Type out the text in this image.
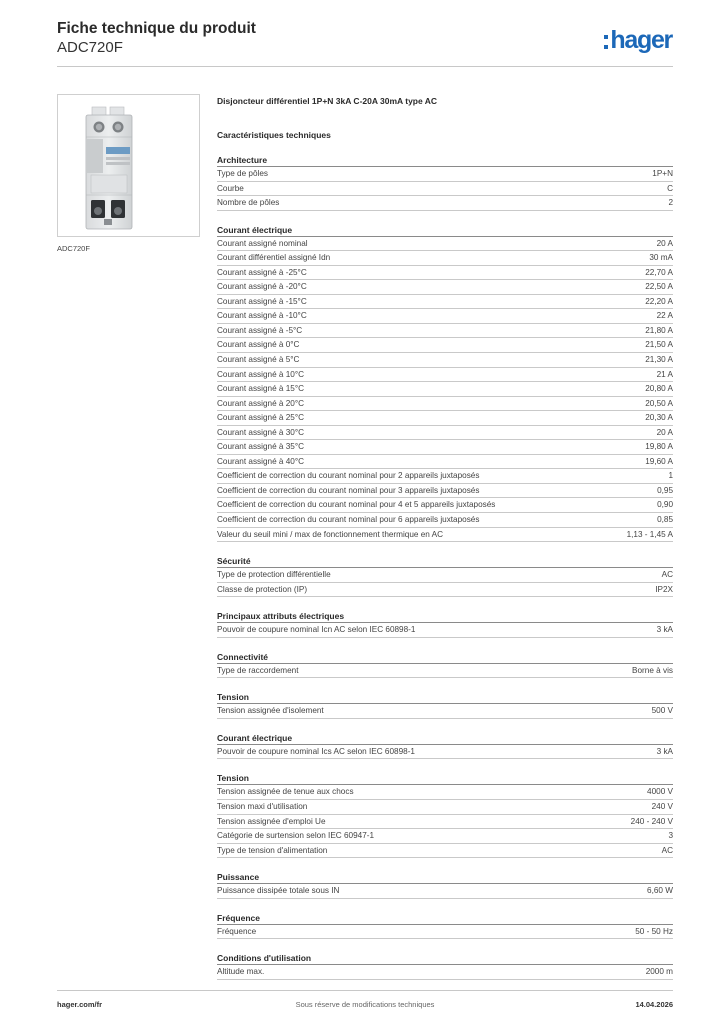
Fiche technique du produit
ADC720F	hager
ADC720F
Disjoncteur différentiel 1P+N 3kA C-20A 30mA type AC
Caractéristiques techniques
Architecture
Type de pôles	1P+N
Courbe	C
Nombre de pôles	2
Courant électrique
Courant assigné nominal	20 A
Courant différentiel assigné Idn	30 mA
Courant assigné à -25°C	22,70 A
Courant assigné à -20°C	22,50 A
Courant assigné à -15°C	22,20 A
Courant assigné à -10°C	22 A
Courant assigné à -5°C	21,80 A
Courant assigné à 0°C	21,50 A
Courant assigné à 5°C	21,30 A
Courant assigné à 10°C	21 A
Courant assigné à 15°C	20,80 A
Courant assigné à 20°C	20,50 A
Courant assigné à 25°C	20,30 A
Courant assigné à 30°C	20 A
Courant assigné à 35°C	19,80 A
Courant assigné à 40°C	19,60 A
Coefficient de correction du courant nominal pour 2 appareils juxtaposés	1
Coefficient de correction du courant nominal pour 3 appareils juxtaposés	0,95
Coefficient de correction du courant nominal pour 4 et 5 appareils juxtaposés	0,90
Coefficient de correction du courant nominal pour 6 appareils juxtaposés	0,85
Valeur du seuil mini / max de fonctionnement thermique en AC	1,13 - 1,45 A
Sécurité
Type de protection différentielle	AC
Classe de protection (IP)	IP2X
Principaux attributs électriques
Pouvoir de coupure nominal Icn AC selon IEC 60898-1	3 kA
Connectivité
Type de raccordement	Borne à vis
Tension
Tension assignée d'isolement	500 V
Courant électrique
Pouvoir de coupure nominal Ics AC selon IEC 60898-1	3 kA
Tension
Tension assignée de tenue aux chocs	4000 V
Tension maxi d'utilisation	240 V
Tension assignée d'emploi Ue	240 - 240 V
Catégorie de surtension selon IEC 60947-1	3
Type de tension d'alimentation	AC
Puissance
Puissance dissipée totale sous IN	6,60 W
Fréquence
Fréquence	50 - 50 Hz
Conditions d'utilisation
Altitude max.	2000 m
hager.com/fr	Sous réserve de modifications techniques	14.04.2026
